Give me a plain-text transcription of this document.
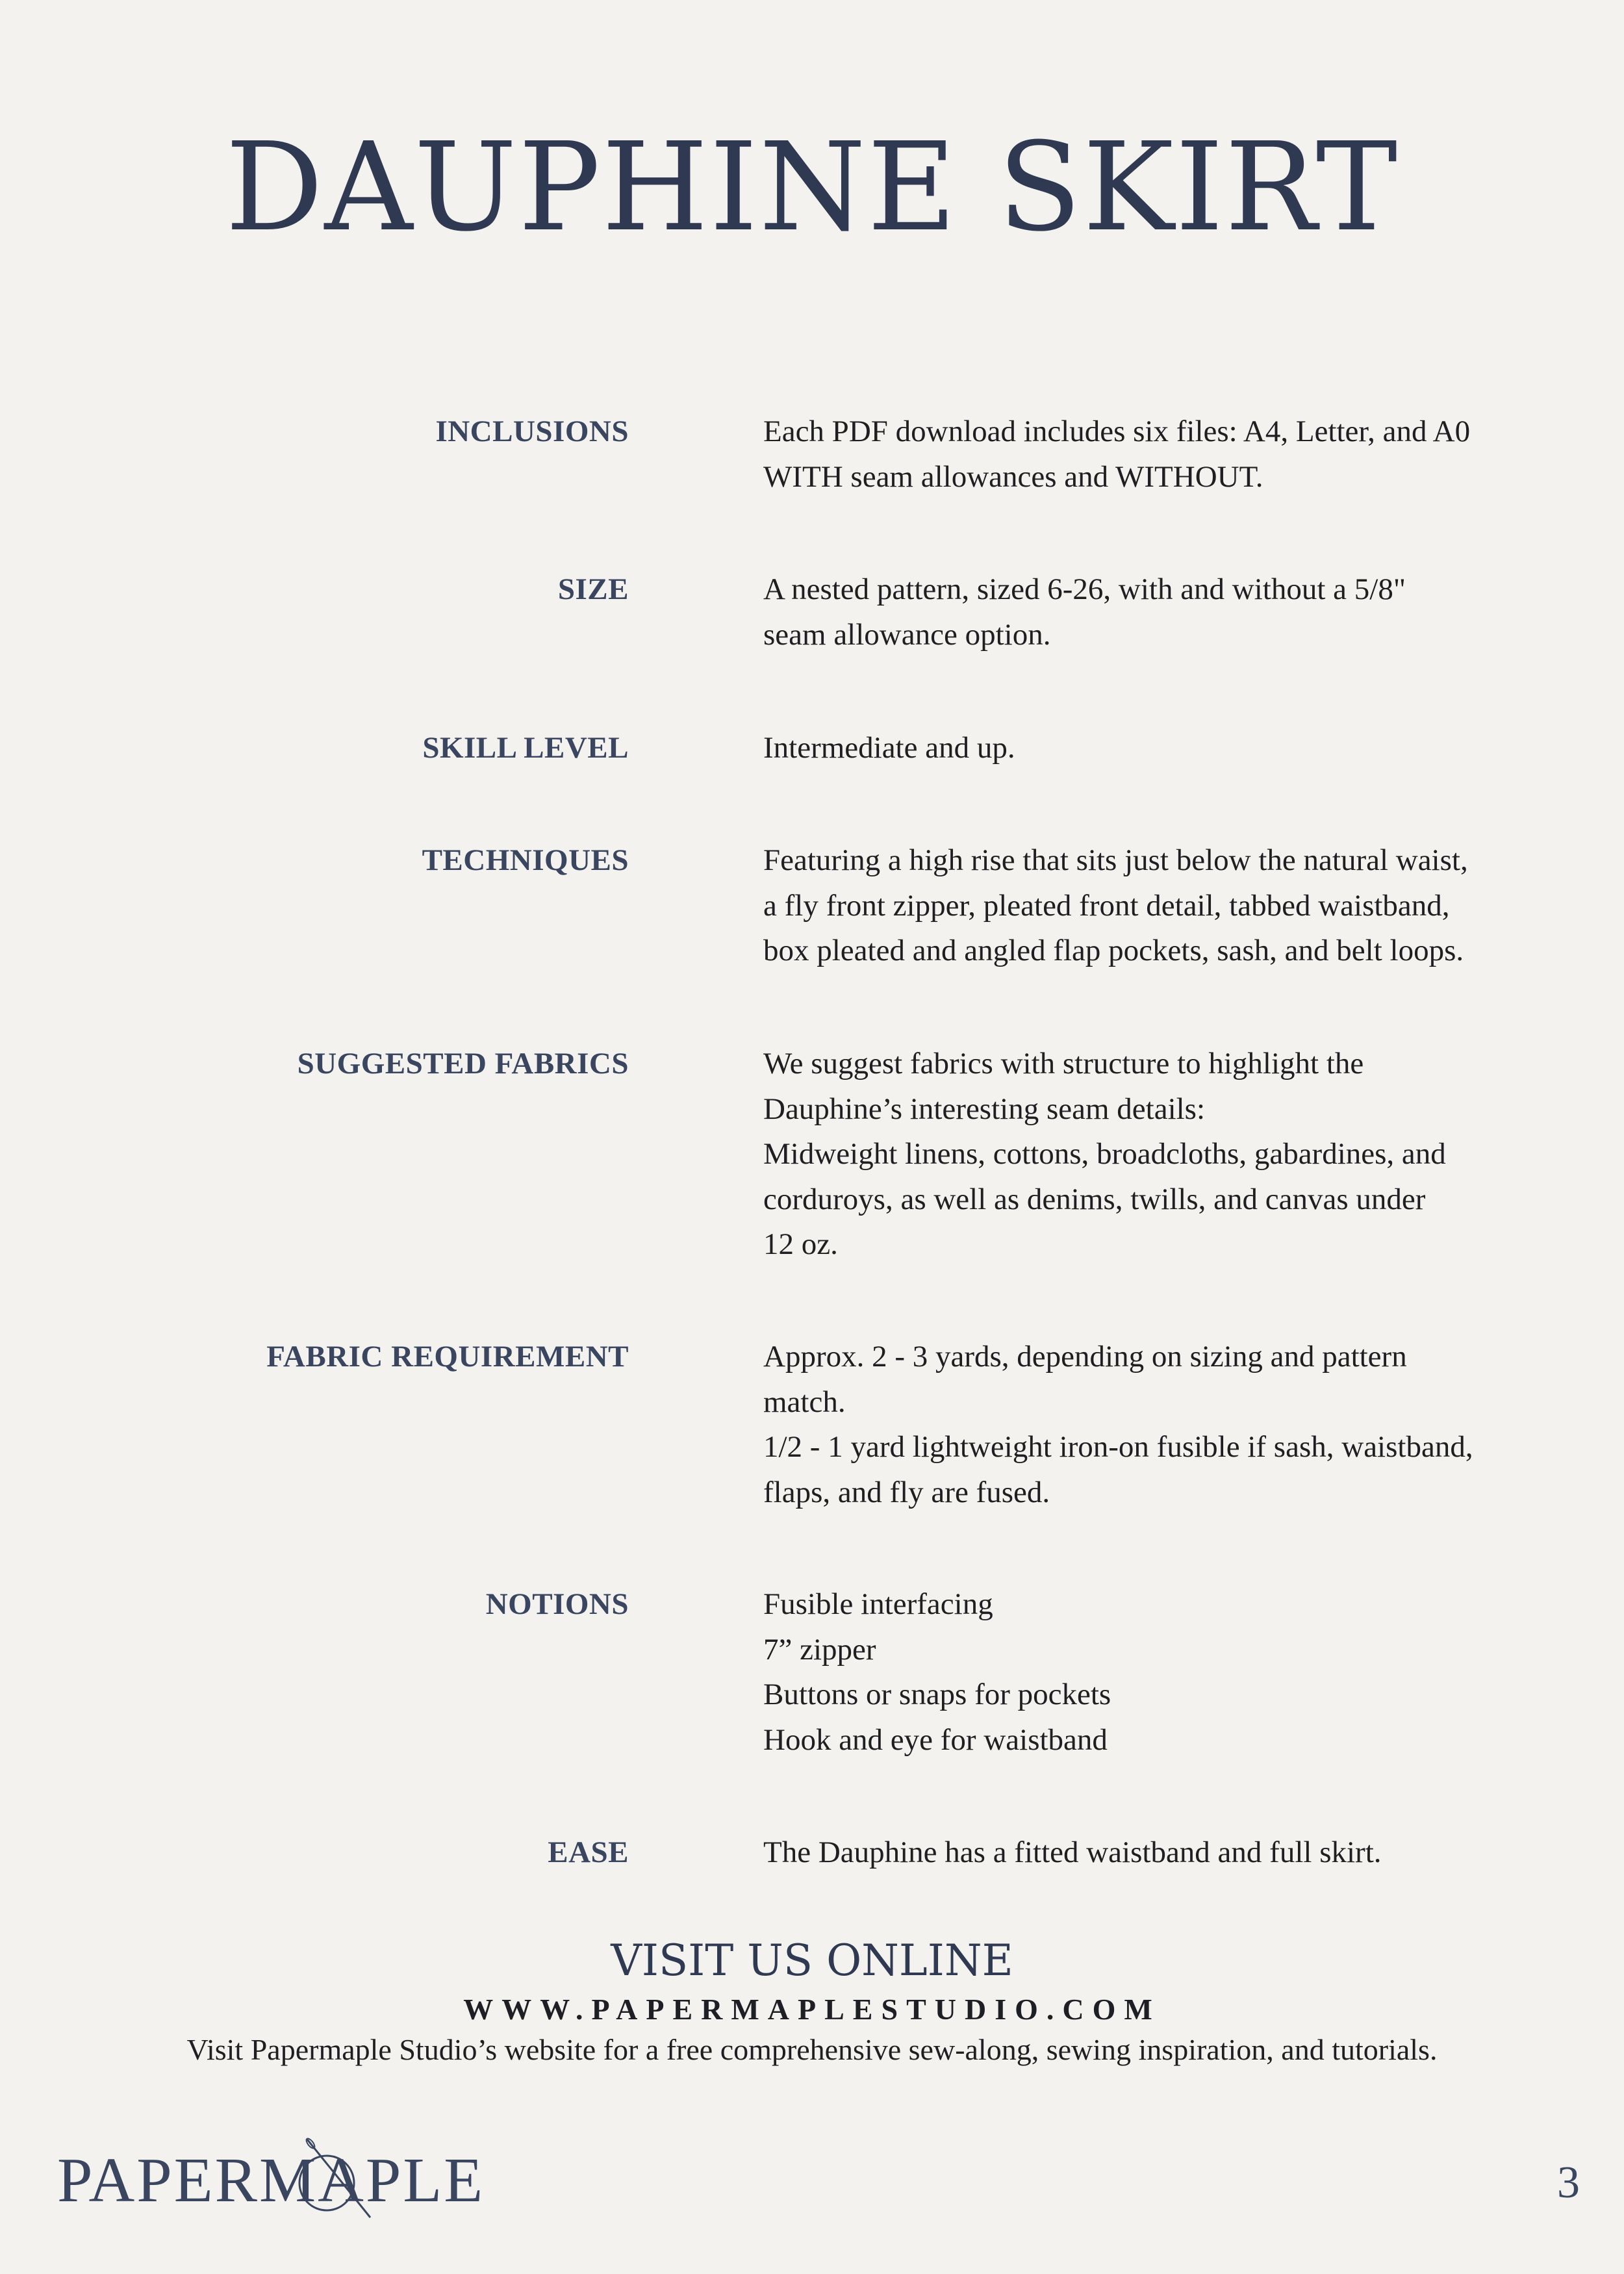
DAUPHINE SKIRT
INCLUSIONS	Each PDF download includes six files: A4, Letter, and A0
WITH seam allowances and WITHOUT.
SIZE	A nested pattern, sized 6-26, with and without a 5/8"
seam allowance option.
SKILL LEVEL	Intermediate and up.
TECHNIQUES	Featuring a high rise that sits just below the natural waist,
a fly front zipper, pleated front detail, tabbed waistband,
box pleated and angled flap pockets, sash, and belt loops.
SUGGESTED FABRICS	We suggest fabrics with structure to highlight the
Dauphine’s interesting seam details:
Midweight linens, cottons, broadcloths, gabardines, and
corduroys, as well as denims, twills, and canvas under
12 oz.
FABRIC REQUIREMENT	Approx. 2 - 3 yards, depending on sizing and pattern
match.
1/2 - 1 yard lightweight iron-on fusible if sash, waistband,
flaps, and fly are fused.
NOTIONS	Fusible interfacing
7” zipper
Buttons or snaps for pockets
Hook and eye for waistband
EASE	The Dauphine has a fitted waistband and full skirt.
VISIT US ONLINE
WWW.PAPERMAPLESTUDIO.COM
Visit Papermaple Studio’s website for a free comprehensive sew-along, sewing inspiration, and tutorials.
PAPERMAPLE	3
